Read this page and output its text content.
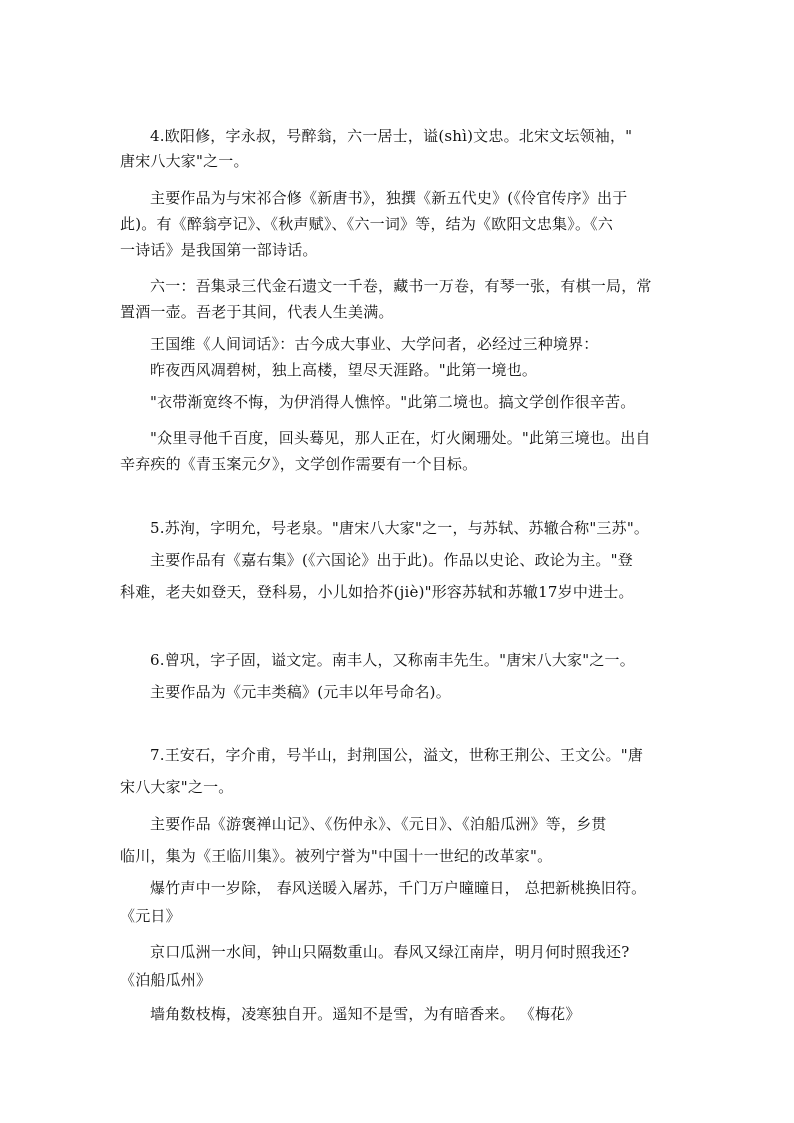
4.欧阳修，字永叔，号醉翁，六一居士，谥(shì)文忠。北宋文坛领袖，"
唐宋八大家"之一。
主要作品为与宋祁合修《新唐书》，独撰《新五代史》(《伶官传序》出于
此)。有《醉翁亭记》、《秋声赋》、《六一词》等，结为《欧阳文忠集》。《六
一诗话》是我国第一部诗话。
六一：吾集录三代金石遗文一千卷，藏书一万卷，有琴一张，有棋一局，常
置酒一壶。吾老于其间，代表人生美满。
王国维《人间词话》：古今成大事业、大学问者，必经过三种境界：
昨夜西风凋碧树，独上高楼，望尽天涯路。"此第一境也。
"衣带渐宽终不悔，为伊消得人憔悴。"此第二境也。搞文学创作很辛苦。
"众里寻他千百度，回头蓦见，那人正在，灯火阑珊处。"此第三境也。出自
辛弃疾的《青玉案元夕》，文学创作需要有一个目标。
5.苏洵，字明允，号老泉。"唐宋八大家"之一，与苏轼、苏辙合称"三苏"。
主要作品有《嘉右集》(《六国论》出于此)。作品以史论、政论为主。"登
科难，老夫如登天，登科易，小儿如拾芥(jiè)"形容苏轼和苏辙17岁中进士。
6.曾巩，字子固，谥文定。南丰人，又称南丰先生。"唐宋八大家"之一。
主要作品为《元丰类稿》(元丰以年号命名)。
7.王安石，字介甫，号半山，封荆国公，溢文，世称王荆公、王文公。"唐
宋八大家"之一。
主要作品《游褒禅山记》、《伤仲永》、《元日》、《泊船瓜洲》等，乡贯
临川，集为《王临川集》。被列宁誉为"中国十一世纪的改革家"。
爆竹声中一岁除， 春风送暖入屠苏，千门万户曈曈日， 总把新桃换旧符。
《元日》
京口瓜洲一水间，钟山只隔数重山。春风又绿江南岸，明月何时照我还?
《泊船瓜州》
墙角数枝梅，凌寒独自开。遥知不是雪，为有暗香来。 《梅花》
